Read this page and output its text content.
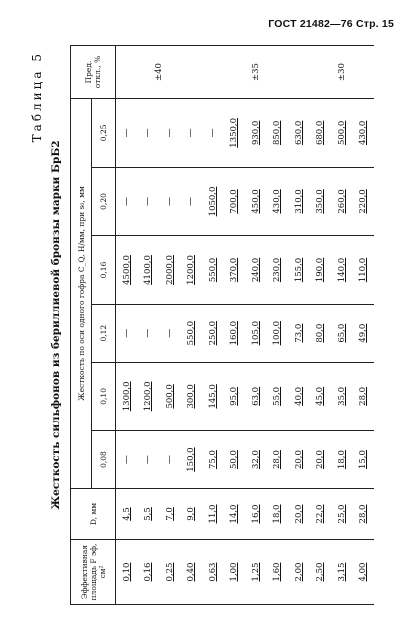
ГОСТ 21482—76 Стр. 15
Таблица 5
Жесткость сильфонов из бериллиевой бронзы марки БрБ2
Эффективная площадь F эф, см²	D, мм	Жесткость по оси одного гофра C_Q, Н/мм, при s₀, мм						Пред. откл., %
		0,08	0,10	0,12	0,16	0,20	0,25	
0,10	4,5	—	1300,0	—	4500,0	—	—	±40
0,16	5,5	—	1200,0	—	4100,0	—	—	
0,25	7,0	—	500,0	—	2000,0	—	—	
0,40	9,0	150,0	300,0	550,0	1200,0	—	—	
0,63	11,0	75,0	145,0	250,0	550,0	1050,0	—	±35
1,00	14,0	50,0	95,0	160,0	370,0	700,0	1350,0	
1,25	16,0	32,0	63,0	105,0	240,0	450,0	930,0	
1,60	18,0	28,0	55,0	100,0	230,0	430,0	850,0	
2,00	20,0	20,0	40,0	73,0	155,0	310,0	630,0	
2,50	22,0	20,0	45,0	80,0	190,0	350,0	680,0	±30
3,15	25,0	18,0	35,0	65,0	140,0	260,0	500,0	
4,00	28,0	15,0	28,0	49,0	110,0	220,0	430,0	
